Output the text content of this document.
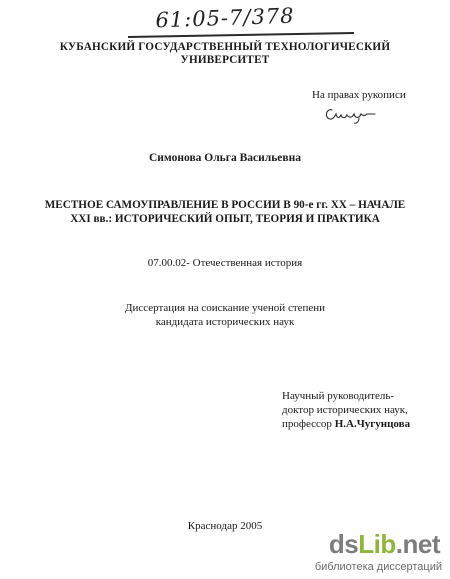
61:05-7/378
КУБАНСКИЙ ГОСУДАРСТВЕННЫЙ ТЕХНОЛОГИЧЕСКИЙ
УНИВЕРСИТЕТ
На правах рукописи
Симонова Ольга Васильевна
МЕСТНОЕ САМОУПРАВЛЕНИЕ В РОССИИ В 90-е гг. XX – НАЧАЛЕ
XXI вв.: ИСТОРИЧЕСКИЙ ОПЫТ, ТЕОРИЯ И ПРАКТИКА
07.00.02- Отечественная история
Диссертация на соискание ученой степени
кандидата исторических наук
Научный руководитель-
доктор исторических наук,
профессор Н.А.Чугунцова
Краснодар 2005
dsLib.net
библиотека диссертаций
